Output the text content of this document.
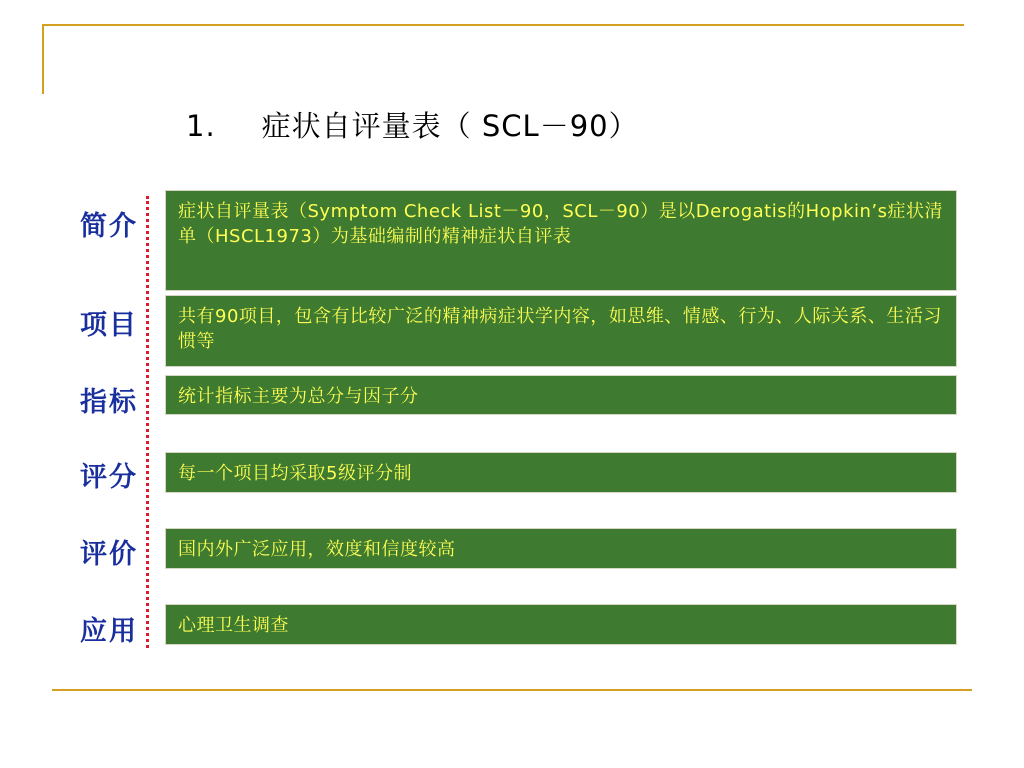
1. 症状自评量表（ SCL－90）
简介 症状自评量表（Symptom Check List－90，SCL－90）是以Derogatis的Hopkin’s症状清单（HSCL1973）为基础编制的精神症状自评表
项目 共有90项目，包含有比较广泛的精神病症状学内容，如思维、情感、行为、人际关系、生活习惯等
指标 统计指标主要为总分与因子分
评分 每一个项目均采取5级评分制
评价 国内外广泛应用，效度和信度较高
应用 心理卫生调查
